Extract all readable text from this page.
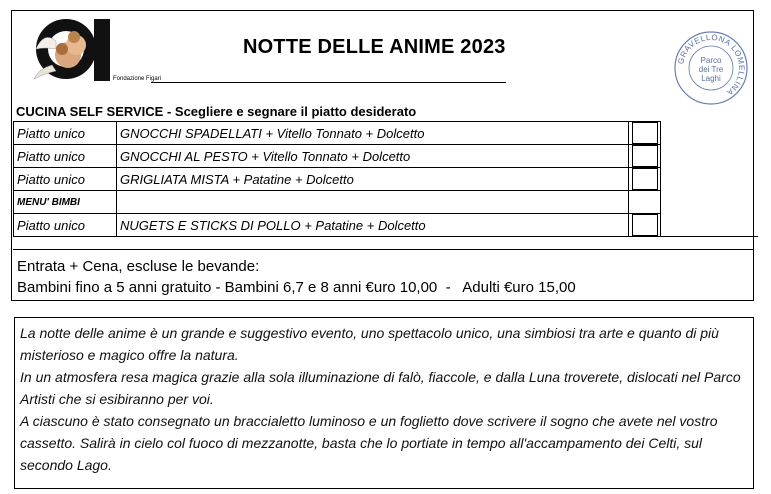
Fondazione Figari
NOTTE DELLE ANIME 2023
GRAVELLONA LOMELLINA
Parco
dei Tre
Laghi
CUCINA SELF SERVICE - Scegliere e segnare il piatto desiderato
Piatto unico	GNOCCHI SPADELLATI + Vitello Tonnato + Dolcetto	

Piatto unico	GNOCCHI AL PESTO + Vitello Tonnato + Dolcetto	

Piatto unico	GRIGLIATA MISTA + Patatine + Dolcetto	

MENU' BIMBI			
Piatto unico	NUGETS E STICKS DI POLLO + Patatine + Dolcetto	

Entrata + Cena, escluse le bevande:
Bambini fino a 5 anni gratuito - Bambini 6,7 e 8 anni €uro 10,00  -   Adulti €uro 15,00

La notte delle anime è un grande e suggestivo evento, uno spettacolo unico, una simbiosi tra arte e quanto di più misterioso e magico offre la natura.

In un atmosfera resa magica grazie alla sola illuminazione di falò, fiaccole, e dalla Luna troverete, dislocati nel Parco Artisti che si esibiranno per voi.

A ciascuno è stato consegnato un braccialetto luminoso e un foglietto dove scrivere il sogno che avete nel vostro cassetto. Salirà in cielo col fuoco di mezzanotte, basta che lo portiate in tempo all'accampamento dei Celti, sul secondo Lago.
